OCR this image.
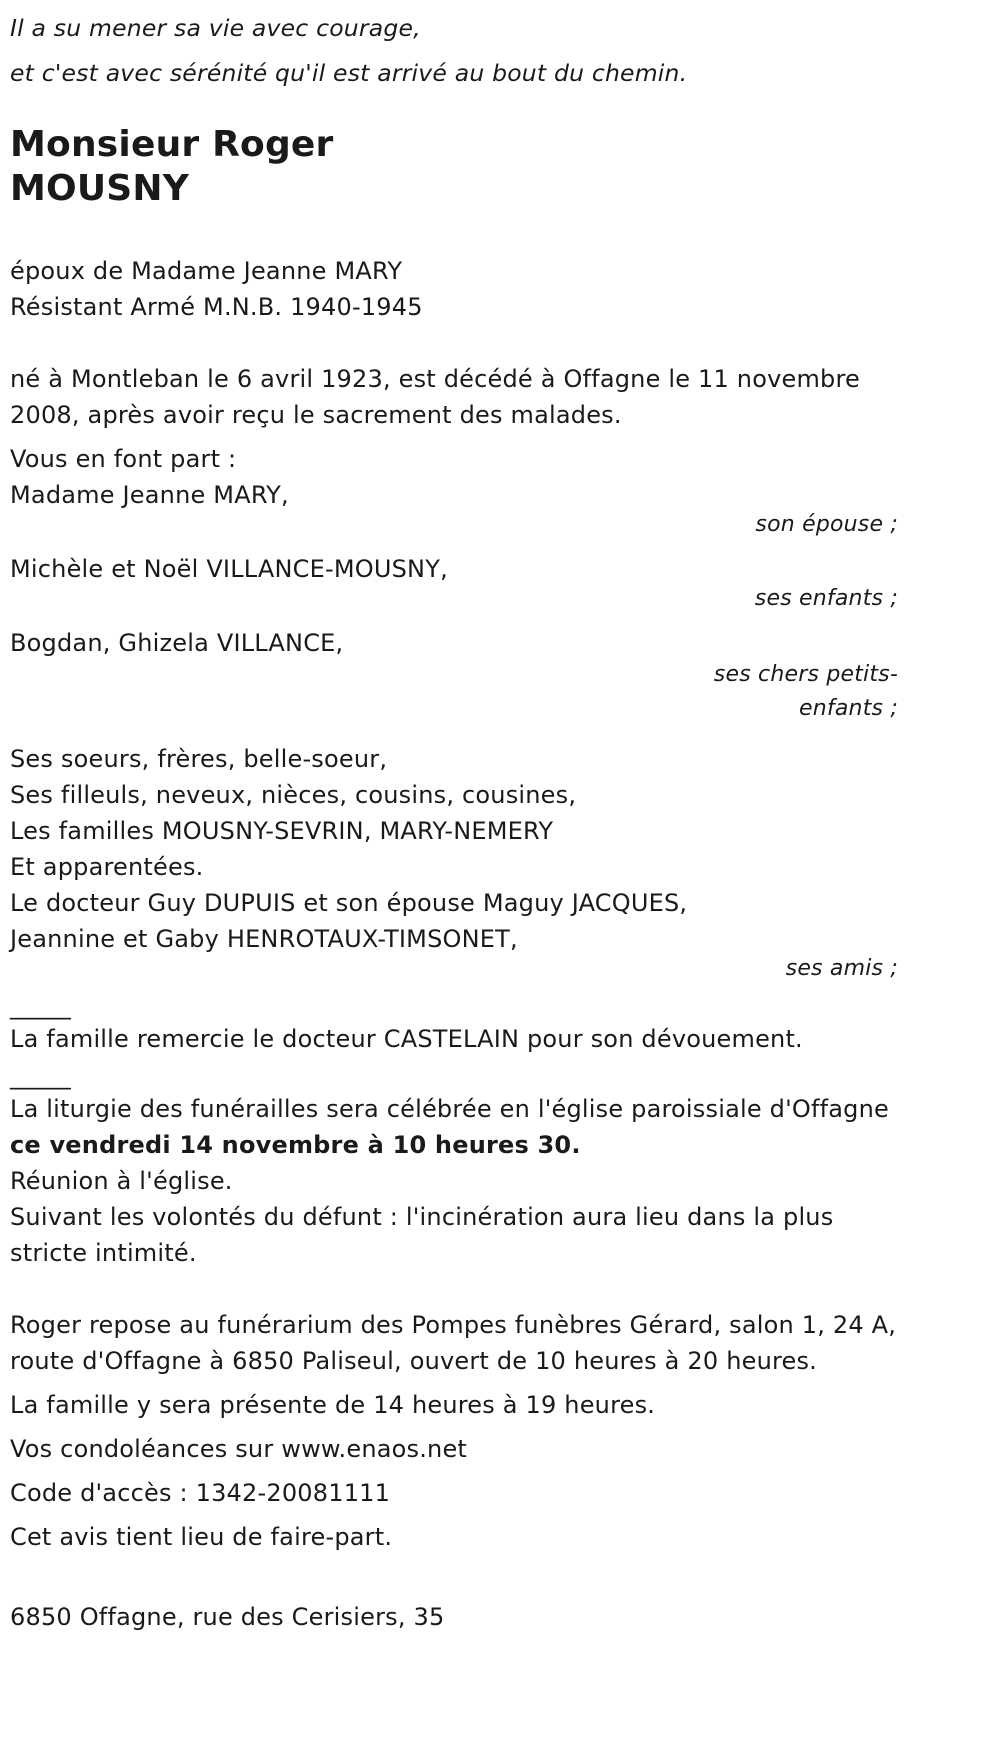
Il a su mener sa vie avec courage,

et c'est avec sérénité qu'il est arrivé au bout du chemin.

Monsieur Roger

MOUSNY

époux de Madame Jeanne MARY

Résistant Armé M.N.B. 1940-1945

né à Montleban le 6 avril 1923, est décédé à Offagne le 11 novembre

2008, après avoir reçu le sacrement des malades.

Vous en font part :

Madame Jeanne MARY,

son épouse ;

Michèle et Noël VILLANCE-MOUSNY,

ses enfants ;

Bogdan, Ghizela VILLANCE,

ses chers petits-

enfants ;

Ses soeurs, frères, belle-soeur,

Ses filleuls, neveux, nièces, cousins, cousines,

Les familles MOUSNY-SEVRIN, MARY-NEMERY

Et apparentées.

Le docteur Guy DUPUIS et son épouse Maguy JACQUES,

Jeannine et Gaby HENROTAUX-TIMSONET,

ses amis ;

_____

La famille remercie le docteur CASTELAIN pour son dévouement.

_____

La liturgie des funérailles sera célébrée en l'église paroissiale d'Offagne

ce vendredi 14 novembre à 10 heures 30.

Réunion à l'église.

Suivant les volontés du défunt : l'incinération aura lieu dans la plus

stricte intimité.

Roger repose au funérarium des Pompes funèbres Gérard, salon 1, 24 A,

route d'Offagne à 6850 Paliseul, ouvert de 10 heures à 20 heures.

La famille y sera présente de 14 heures à 19 heures.

Vos condoléances sur www.enaos.net

Code d'accès : 1342-20081111

Cet avis tient lieu de faire-part.

6850 Offagne, rue des Cerisiers, 35
